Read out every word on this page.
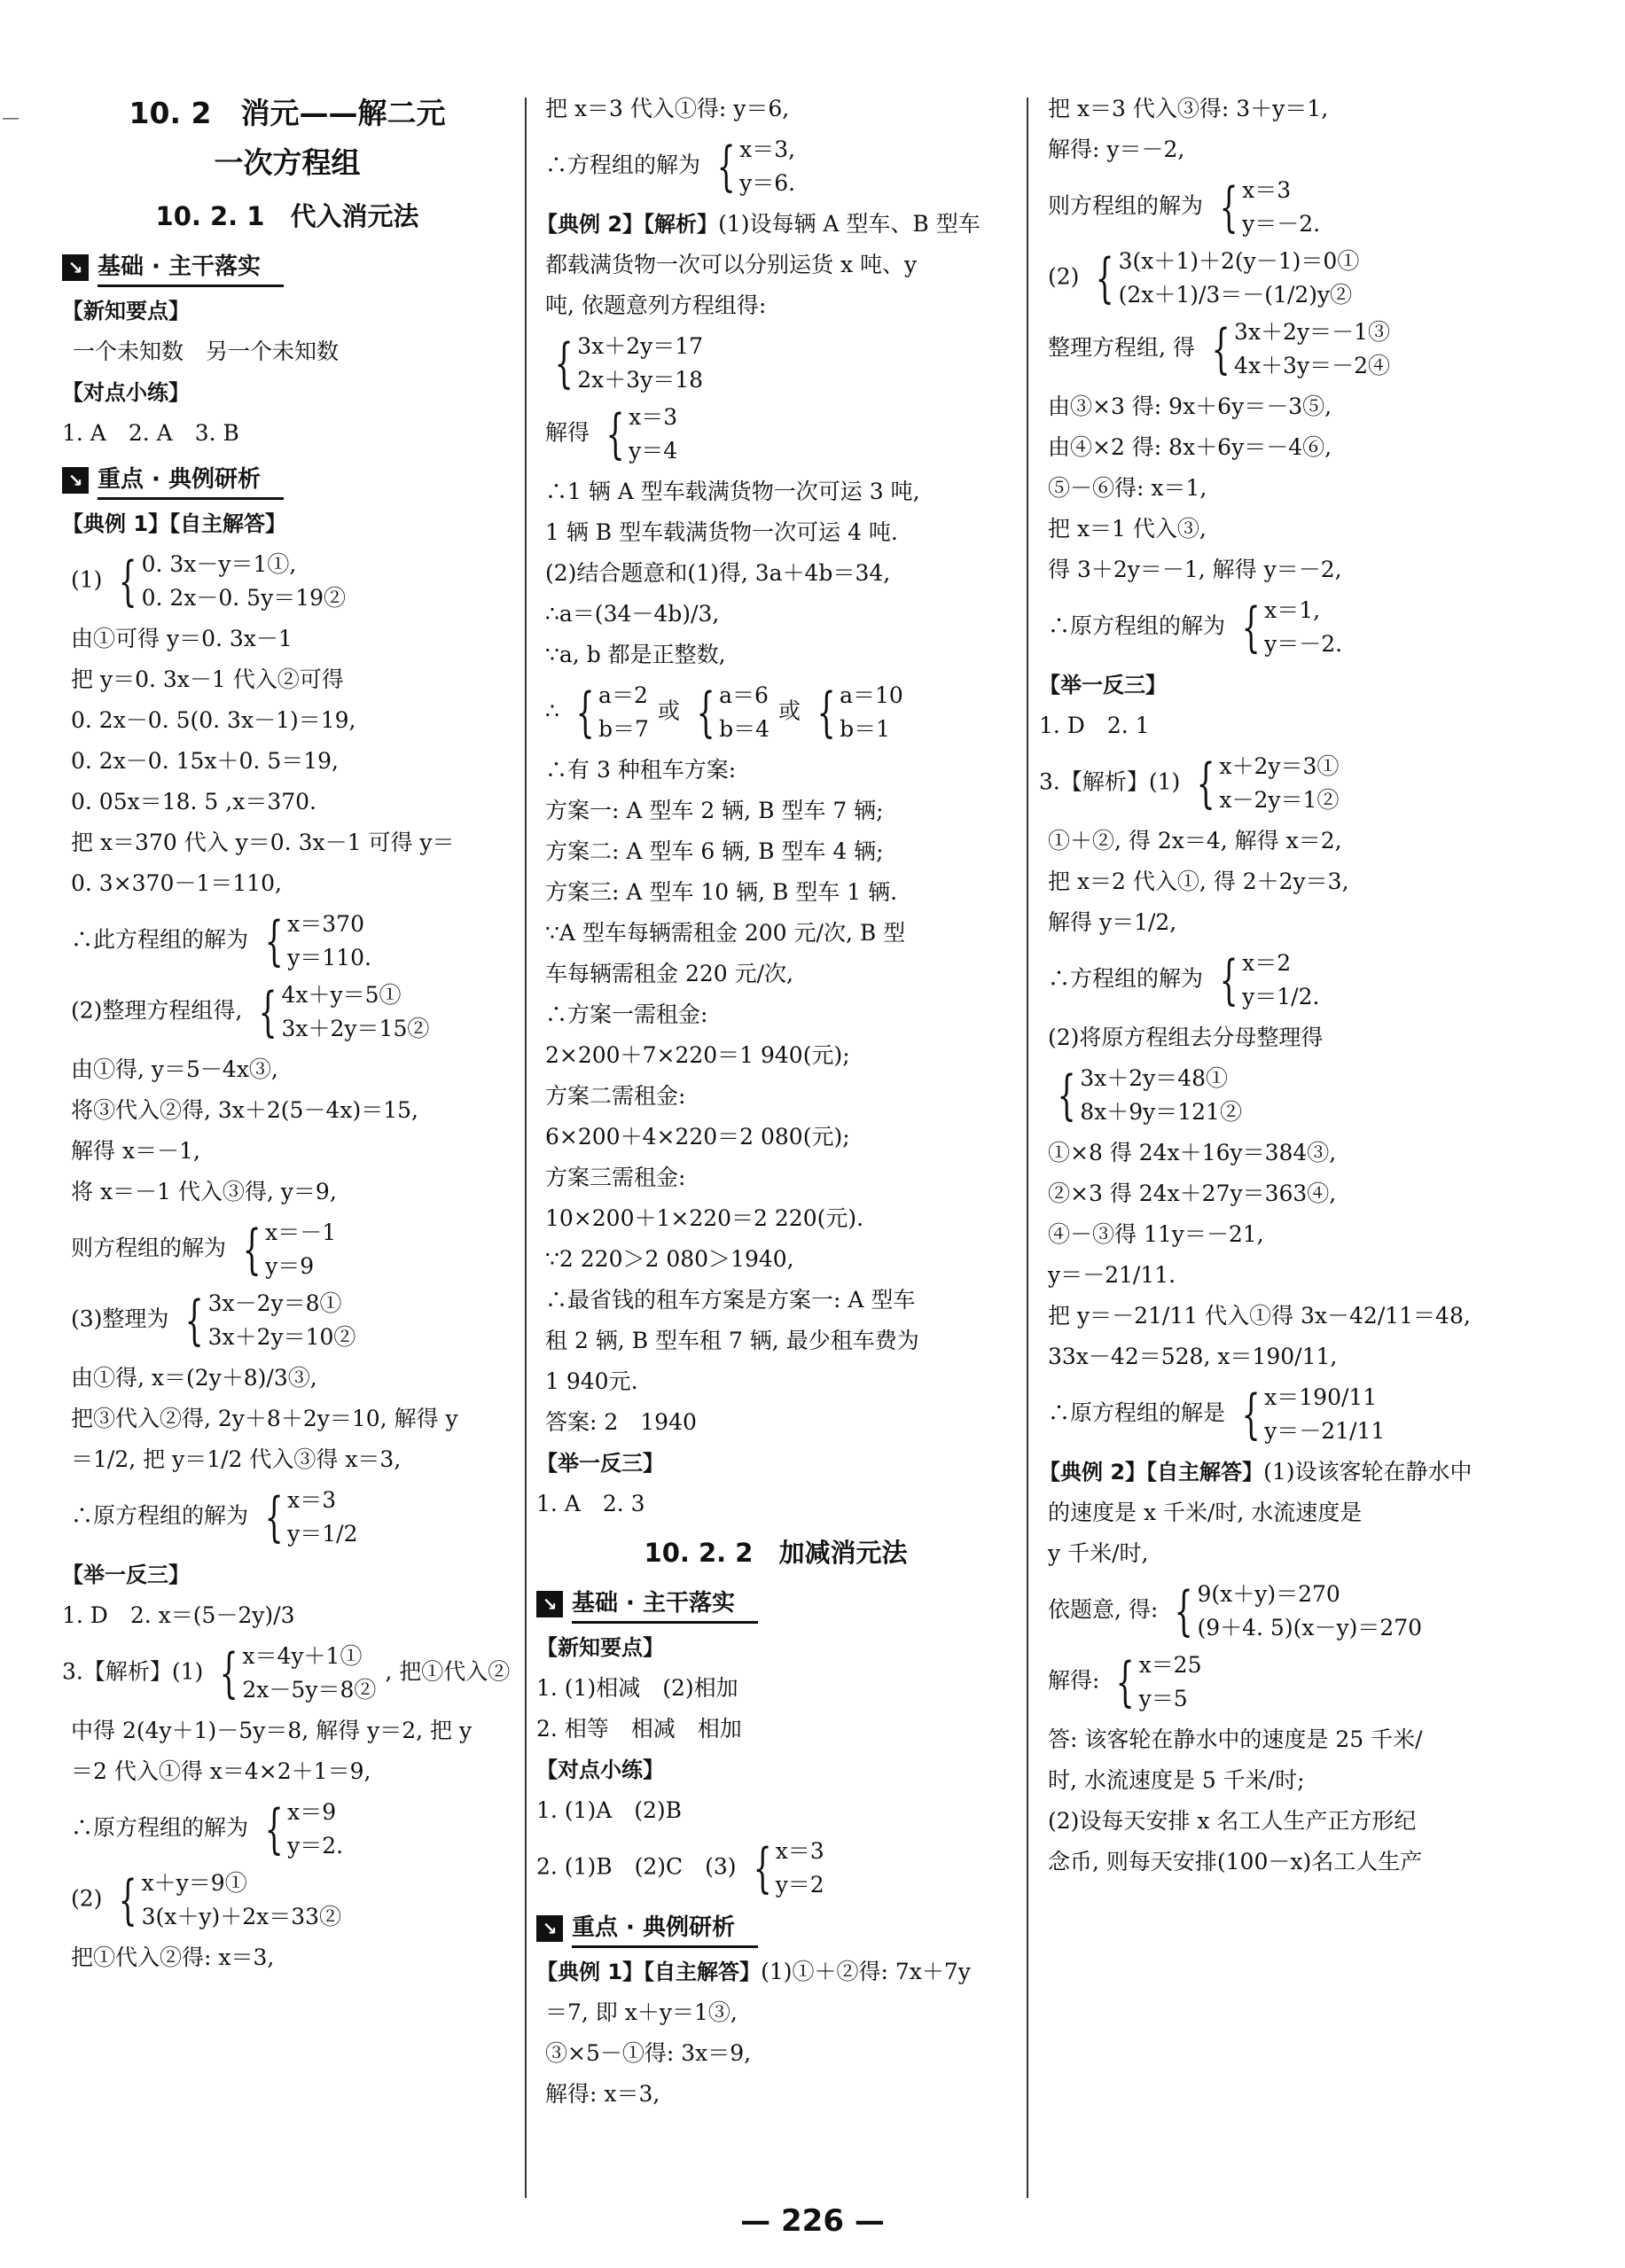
—	10. 2　消元——解二元
一次方程组
10. 2. 1　代入消元法
↘ 基础 · 主干落实
【新知要点】
一个未知数　另一个未知数
【对点小练】
1. A　2. A　3. B
↘ 重点 · 典例研析
【典例 1】【自主解答】
(1) { 0. 3x－y＝1①,
0. 2x－0. 5y＝19②
由①可得 y＝0. 3x－1
把 y＝0. 3x－1 代入②可得
0. 2x－0. 5(0. 3x－1)＝19,
0. 2x－0. 15x＋0. 5＝19,
0. 05x＝18. 5 ,x＝370.
把 x＝370 代入 y＝0. 3x－1 可得 y＝
0. 3×370－1＝110,
∴此方程组的解为 { x＝370
y＝110.
(2)整理方程组得, { 4x＋y＝5①
3x＋2y＝15②
由①得, y＝5－4x③,
将③代入②得, 3x＋2(5－4x)＝15,
解得 x＝－1,
将 x＝－1 代入③得, y＝9,
则方程组的解为 { x＝－1
y＝9
(3)整理为 { 3x－2y＝8①
3x＋2y＝10②
由①得, x＝(2y＋8)/3③,
把③代入②得, 2y＋8＋2y＝10, 解得 y
＝1/2, 把 y＝1/2 代入③得 x＝3,
∴原方程组的解为 { x＝3
y＝1/2
【举一反三】
1. D　2. x＝(5－2y)/3
3.【解析】(1) { x＝4y＋1①
2x－5y＝8②
, 把①代入②
中得 2(4y＋1)－5y＝8, 解得 y＝2, 把 y
＝2 代入①得 x＝4×2＋1＝9,
∴原方程组的解为 { x＝9
y＝2.
(2) { x＋y＝9①
3(x＋y)＋2x＝33②
把①代入②得: x＝3,
把 x＝3 代入①得: y＝6,
∴方程组的解为 { x＝3,
y＝6.
【典例 2】【解析】(1)设每辆 A 型车、B 型车
都载满货物一次可以分别运货 x 吨、y
吨, 依题意列方程组得:
{ 3x＋2y＝17
2x＋3y＝18
解得 { x＝3
y＝4
∴1 辆 A 型车载满货物一次可运 3 吨,
1 辆 B 型车载满货物一次可运 4 吨.
(2)结合题意和(1)得, 3a＋4b＝34,
∴a＝(34－4b)/3,
∵a, b 都是正整数,
∴ { a＝2
b＝7
或 { a＝6
b＝4
或 { a＝10
b＝1
∴有 3 种租车方案:
方案一: A 型车 2 辆, B 型车 7 辆;
方案二: A 型车 6 辆, B 型车 4 辆;
方案三: A 型车 10 辆, B 型车 1 辆.
∵A 型车每辆需租金 200 元/次, B 型
车每辆需租金 220 元/次,
∴方案一需租金:
2×200＋7×220＝1 940(元);
方案二需租金:
6×200＋4×220＝2 080(元);
方案三需租金:
10×200＋1×220＝2 220(元).
∵2 220＞2 080＞1940,
∴最省钱的租车方案是方案一: A 型车
租 2 辆, B 型车租 7 辆, 最少租车费为
1 940元.
答案: 2　1940
【举一反三】
1. A　2. 3
10. 2. 2　加减消元法
↘ 基础 · 主干落实
【新知要点】
1. (1)相减　(2)相加
2. 相等　相减　相加
【对点小练】
1. (1)A　(2)B
2. (1)B　(2)C　(3) { x＝3
y＝2
↘ 重点 · 典例研析
【典例 1】【自主解答】(1)①＋②得: 7x＋7y
＝7, 即 x＋y＝1③,
③×5－①得: 3x＝9,
解得: x＝3,
把 x＝3 代入③得: 3＋y＝1,
解得: y＝－2,
则方程组的解为 { x＝3
y＝－2.
(2) { 3(x＋1)＋2(y－1)＝0①
(2x＋1)/3＝－(1/2)y②
整理方程组, 得 { 3x＋2y＝－1③
4x＋3y＝－2④
由③×3 得: 9x＋6y＝－3⑤,
由④×2 得: 8x＋6y＝－4⑥,
⑤－⑥得: x＝1,
把 x＝1 代入③,
得 3＋2y＝－1, 解得 y＝－2,
∴原方程组的解为 { x＝1,
y＝－2.
【举一反三】
1. D　2. 1
3.【解析】(1) { x＋2y＝3①
x－2y＝1②
①＋②, 得 2x＝4, 解得 x＝2,
把 x＝2 代入①, 得 2＋2y＝3,
解得 y＝1/2,
∴方程组的解为 { x＝2
y＝1/2.
(2)将原方程组去分母整理得
{ 3x＋2y＝48①
8x＋9y＝121②
①×8 得 24x＋16y＝384③,
②×3 得 24x＋27y＝363④,
④－③得 11y＝－21,
y＝－21/11.
把 y＝－21/11 代入①得 3x－42/11＝48,
33x－42＝528, x＝190/11,
∴原方程组的解是 { x＝190/11
y＝－21/11
【典例 2】【自主解答】(1)设该客轮在静水中
的速度是 x 千米/时, 水流速度是
y 千米/时,
依题意, 得: { 9(x＋y)＝270
(9＋4. 5)(x－y)＝270
解得: { x＝25
y＝5
答: 该客轮在静水中的速度是 25 千米/
时, 水流速度是 5 千米/时;
(2)设每天安排 x 名工人生产正方形纪
念币, 则每天安排(100－x)名工人生产
— 226 —
